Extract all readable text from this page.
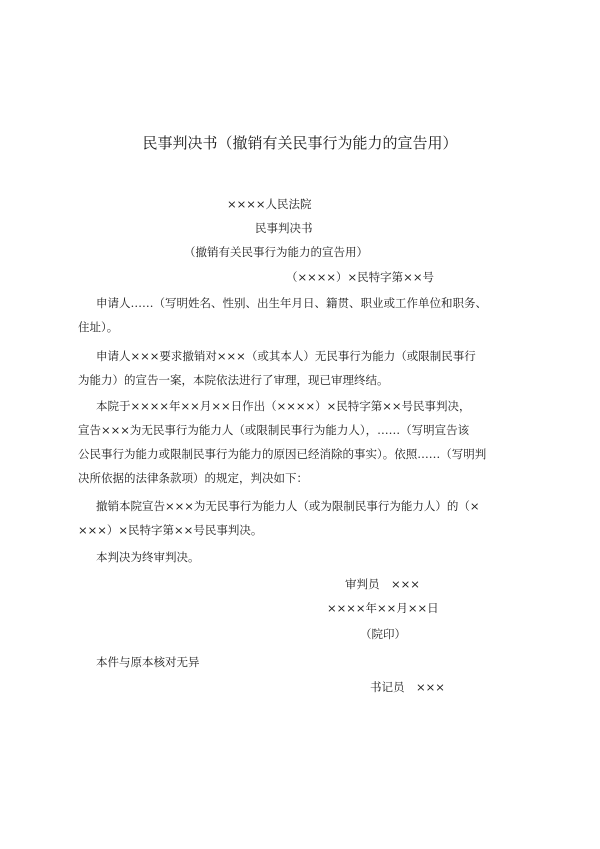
民事判决书（撤销有关民事行为能力的宣告用）
××××人民法院
民事判决书
（撤销有关民事行为能力的宣告用）
（××××）×民特字第××号
申请人……（写明姓名、性别、出生年月日、籍贯、职业或工作单位和职务、
住址）。
申请人×××要求撤销对×××（或其本人）无民事行为能力（或限制民事行
为能力）的宣告一案，本院依法进行了审理，现已审理终结。
本院于××××年××月××日作出（××××）×民特字第××号民事判决，
宣告×××为无民事行为能力人（或限制民事行为能力人），……（写明宣告该
公民事行为能力或限制民事行为能力的原因已经消除的事实）。依照……（写明判
决所依据的法律条款项）的规定，判决如下：
撤销本院宣告×××为无民事行为能力人（或为限制民事行为能力人）的（×
×××）×民特字第××号民事判决。
本判决为终审判决。
审判员　×××
××××年××月××日
（院印）
本件与原本核对无异
书记员　×××
